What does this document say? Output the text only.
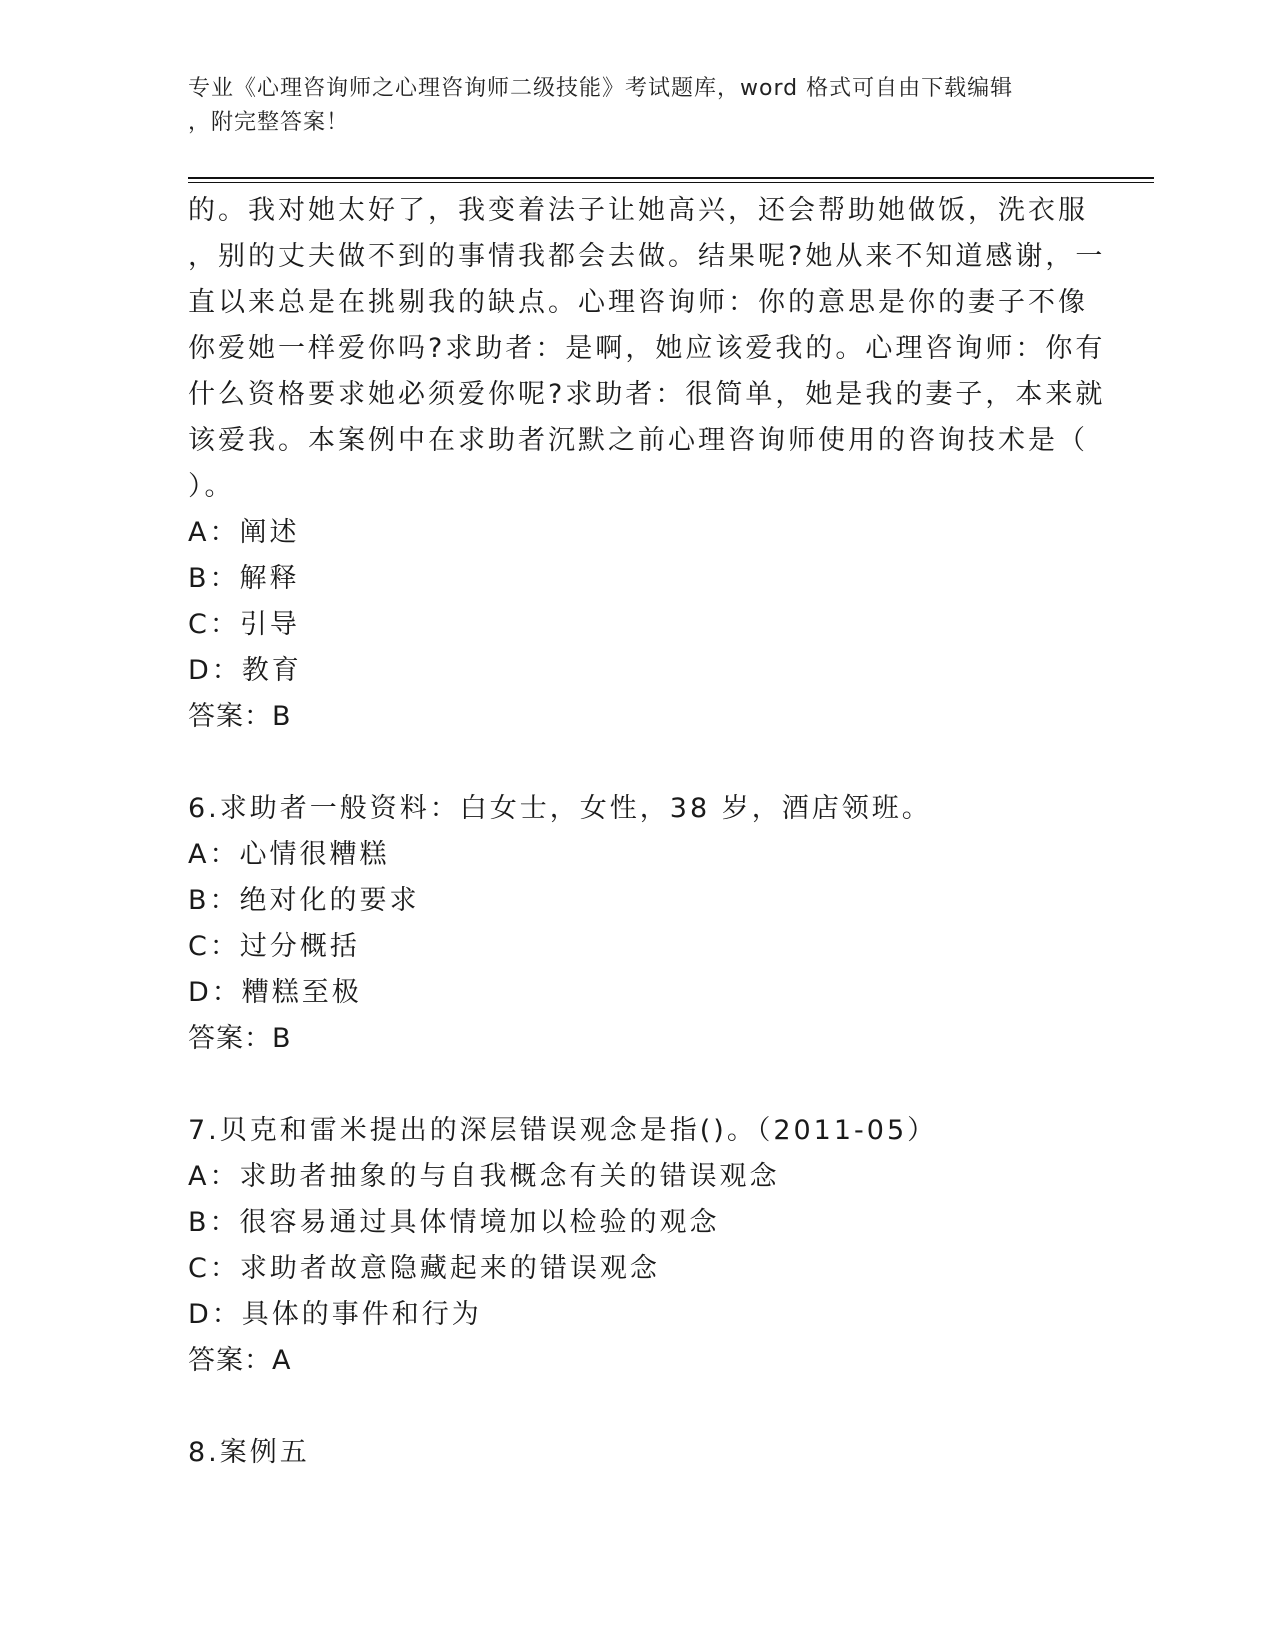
专业《心理咨询师之心理咨询师二级技能》考试题库，word 格式可自由下载编辑
，附完整答案！
的。我对她太好了，我变着法子让她高兴，还会帮助她做饭，洗衣服
，别的丈夫做不到的事情我都会去做。结果呢?她从来不知道感谢，一
直以来总是在挑剔我的缺点。心理咨询师：你的意思是你的妻子不像
你爱她一样爱你吗?求助者：是啊，她应该爱我的。心理咨询师：你有
什么资格要求她必须爱你呢?求助者：很简单，她是我的妻子，本来就
该爱我。本案例中在求助者沉默之前心理咨询师使用的咨询技术是（
）。
A：阐述
B：解释
C：引导
D：教育
答案：B
6.求助者一般资料：白女士，女性，38 岁，酒店领班。
A：心情很糟糕
B：绝对化的要求
C：过分概括
D：糟糕至极
答案：B
7.贝克和雷米提出的深层错误观念是指()。（2011-05）
A：求助者抽象的与自我概念有关的错误观念
B：很容易通过具体情境加以检验的观念
C：求助者故意隐藏起来的错误观念
D：具体的事件和行为
答案：A
8.案例五
